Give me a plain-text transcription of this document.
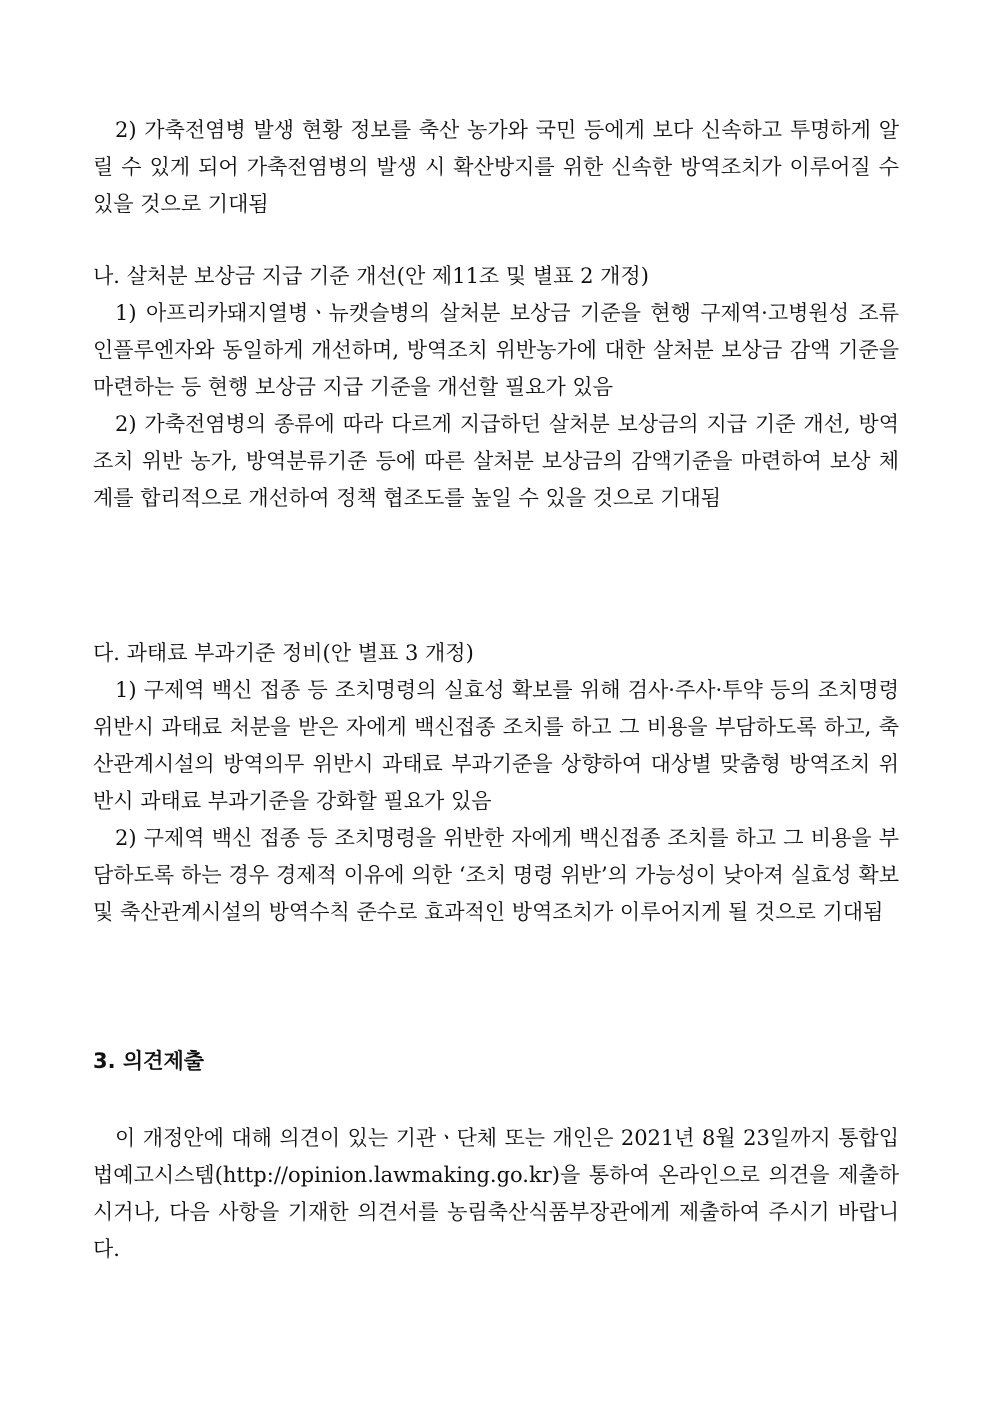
2) 가축전염병 발생 현황 정보를 축산 농가와 국민 등에게 보다 신속하고 투명하게 알릴 수 있게 되어 가축전염병의 발생 시 확산방지를 위한 신속한 방역조치가 이루어질 수 있을 것으로 기대됨

나. 살처분 보상금 지급 기준 개선(안 제11조 및 별표 2 개정)

1) 아프리카돼지열병ㆍ뉴캣슬병의 살처분 보상금 기준을 현행 구제역·고병원성 조류인플루엔자와 동일하게 개선하며, 방역조치 위반농가에 대한 살처분 보상금 감액 기준을 마련하는 등 현행 보상금 지급 기준을 개선할 필요가 있음

2) 가축전염병의 종류에 따라 다르게 지급하던 살처분 보상금의 지급 기준 개선, 방역조치 위반 농가, 방역분류기준 등에 따른 살처분 보상금의 감액기준을 마련하여 보상 체계를 합리적으로 개선하여 정책 협조도를 높일 수 있을 것으로 기대됨

다. 과태료 부과기준 정비(안 별표 3 개정)

1) 구제역 백신 접종 등 조치명령의 실효성 확보를 위해 검사·주사·투약 등의 조치명령 위반시 과태료 처분을 받은 자에게 백신접종 조치를 하고 그 비용을 부담하도록 하고, 축산관계시설의 방역의무 위반시 과태료 부과기준을 상향하여 대상별 맞춤형 방역조치 위반시 과태료 부과기준을 강화할 필요가 있음

2) 구제역 백신 접종 등 조치명령을 위반한 자에게 백신접종 조치를 하고 그 비용을 부담하도록 하는 경우 경제적 이유에 의한 ‘조치 명령 위반’의 가능성이 낮아져 실효성 확보 및 축산관계시설의 방역수칙 준수로 효과적인 방역조치가 이루어지게 될 것으로 기대됨

3. 의견제출

이 개정안에 대해 의견이 있는 기관ㆍ단체 또는 개인은 2021년 8월 23일까지 통합입법예고시스템(http://opinion.lawmaking.go.kr)을 통하여 온라인으로 의견을 제출하시거나, 다음 사항을 기재한 의견서를 농림축산식품부장관에게 제출하여 주시기 바랍니다.
